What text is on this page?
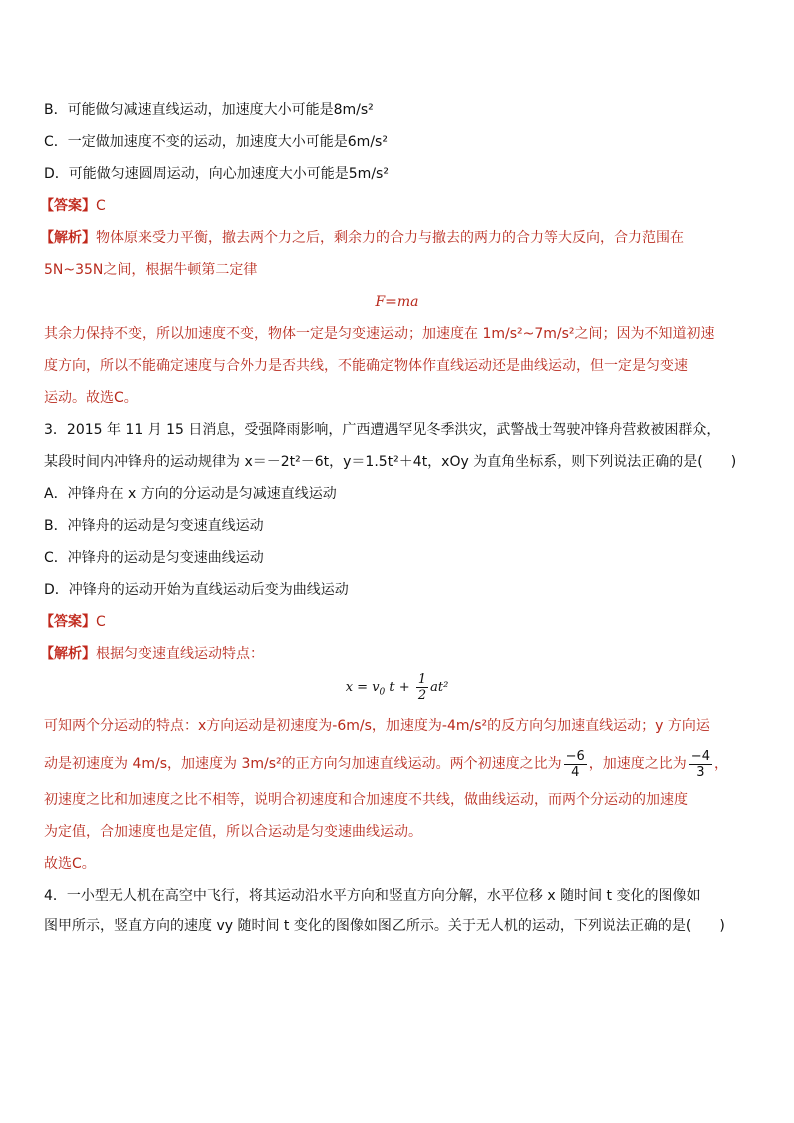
B．可能做匀减速直线运动，加速度大小可能是8m/s²
C．一定做加速度不变的运动，加速度大小可能是6m/s²
D．可能做匀速圆周运动，向心加速度大小可能是5m/s²
【答案】C
【解析】物体原来受力平衡，撤去两个力之后，剩余力的合力与撤去的两力的合力等大反向，合力范围在
5N~35N之间，根据牛顿第二定律
F=ma
其余力保持不变，所以加速度不变，物体一定是匀变速运动；加速度在 1m/s²~7m/s²之间；因为不知道初速
度方向，所以不能确定速度与合外力是否共线，不能确定物体作直线运动还是曲线运动，但一定是匀变速
运动。故选C。
3．2015 年 11 月 15 日消息，受强降雨影响，广西遭遇罕见冬季洪灾，武警战士驾驶冲锋舟营救被困群众，
某段时间内冲锋舟的运动规律为 x＝－2t²－6t，y＝1.5t²＋4t，xOy 为直角坐标系，则下列说法正确的是(　　)
A．冲锋舟在 x 方向的分运动是匀减速直线运动
B．冲锋舟的运动是匀变速直线运动
C．冲锋舟的运动是匀变速曲线运动
D．冲锋舟的运动开始为直线运动后变为曲线运动
【答案】C
【解析】根据匀变速直线运动特点：
$x = v_0$ $t + \frac{1}{2} at^2$
可知两个分运动的特点：x方向运动是初速度为-6m/s，加速度为-4m/s²的反方向匀加速直线运动；y 方向运
动是初速度为 4m/s，加速度为 3m/s²的正方向匀加速直线运动。两个初速度之比为 $\frac{-6}{4}$ ，加速度之比为 $\frac{-4}{3}$ ，
初速度之比和加速度之比不相等，说明合初速度和合加速度不共线，做曲线运动，而两个分运动的加速度
为定值，合加速度也是定值，所以合运动是匀变速曲线运动。
故选C。
4．一小型无人机在高空中飞行，将其运动沿水平方向和竖直方向分解，水平位移 x 随时间 t 变化的图像如
图甲所示，竖直方向的速度 vy 随时间 t 变化的图像如图乙所示。关于无人机的运动，下列说法正确的是(　　)
